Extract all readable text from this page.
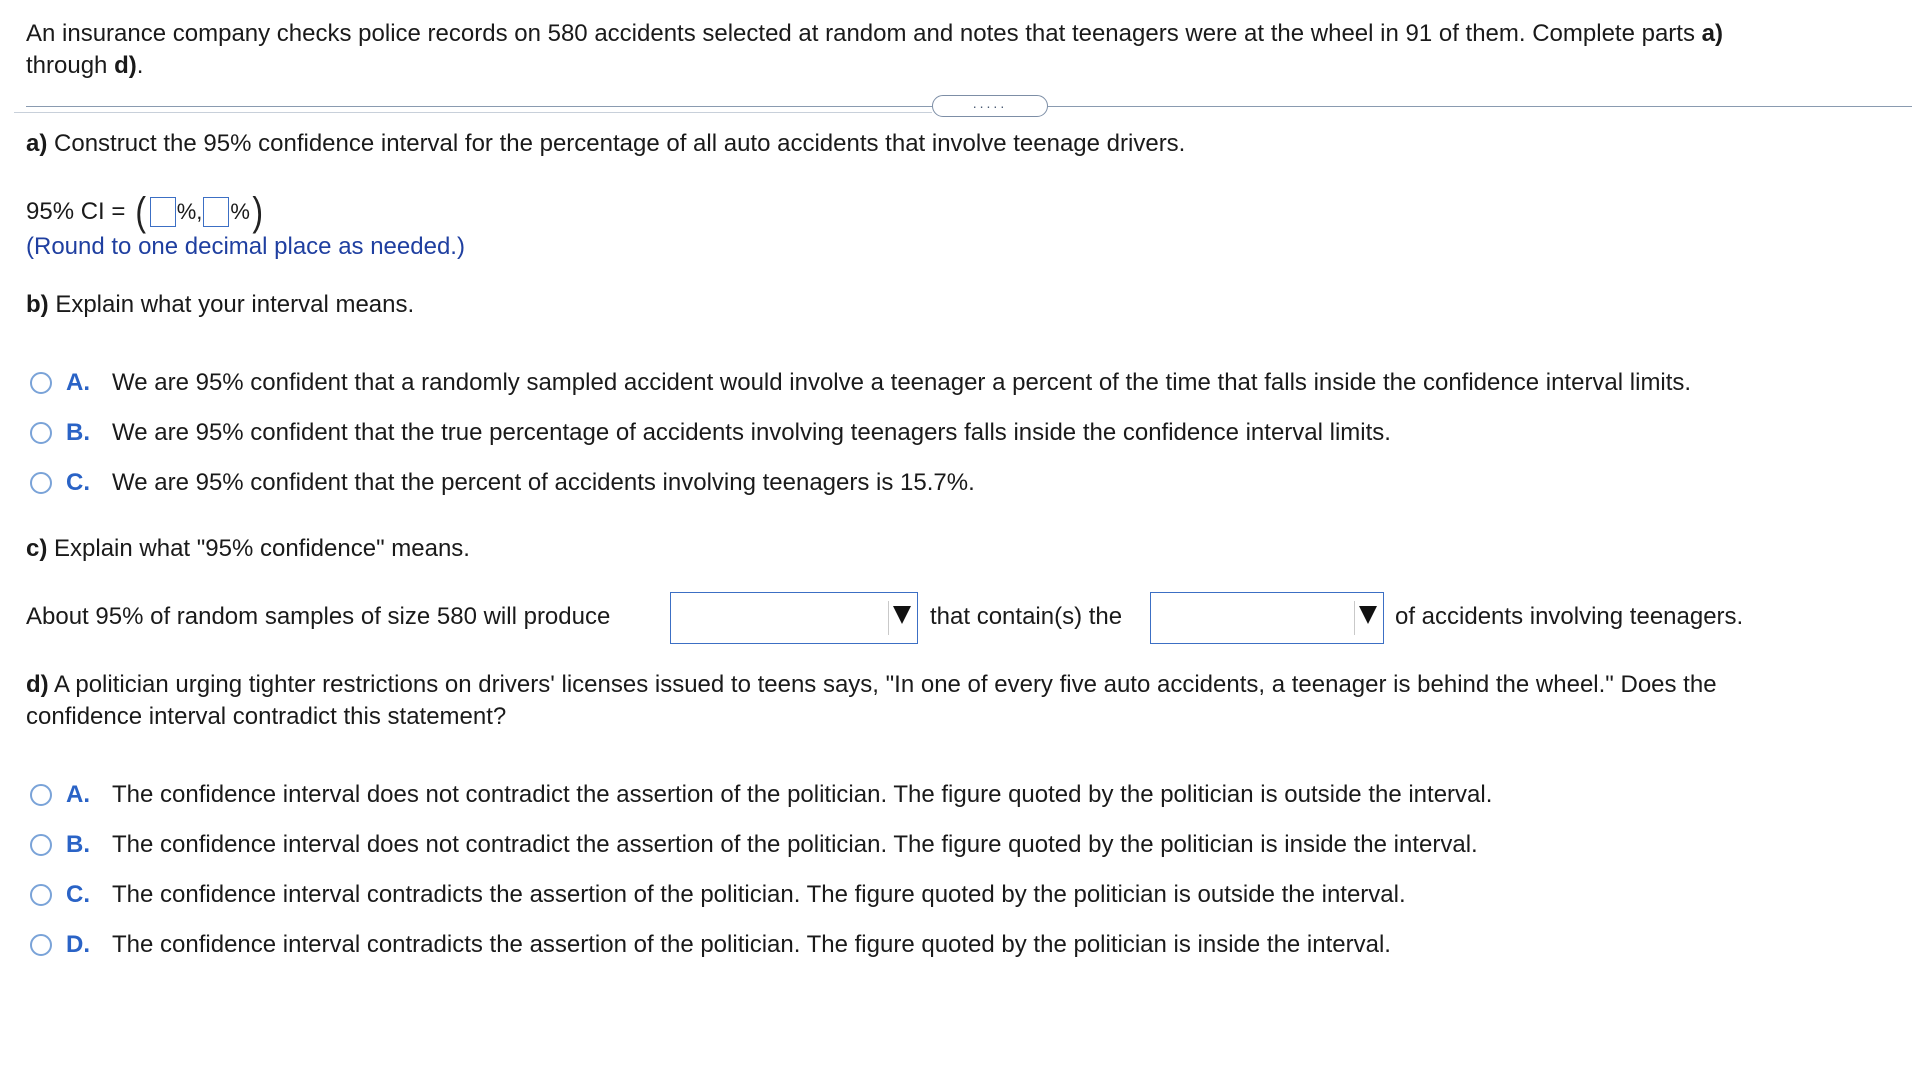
An insurance company checks police records on 580 accidents selected at random and notes that teenagers were at the wheel in 91 of them. Complete parts a)
through d).
.....
a) Construct the 95% confidence interval for the percentage of all auto accidents that involve teenage drivers.
95% CI = ( %, % )
(Round to one decimal place as needed.)
b) Explain what your interval means.
A. We are 95% confident that a randomly sampled accident would involve a teenager a percent of the time that falls inside the confidence interval limits.
B. We are 95% confident that the true percentage of accidents involving teenagers falls inside the confidence interval limits.
C. We are 95% confident that the percent of accidents involving teenagers is 15.7%.
c) Explain what "95% confidence" means.
About 95% of random samples of size 580 will produce	that contain(s) the	of accidents involving teenagers.
d) A politician urging tighter restrictions on drivers' licenses issued to teens says, "In one of every five auto accidents, a teenager is behind the wheel." Does the
confidence interval contradict this statement?
A. The confidence interval does not contradict the assertion of the politician. The figure quoted by the politician is outside the interval.
B. The confidence interval does not contradict the assertion of the politician. The figure quoted by the politician is inside the interval.
C. The confidence interval contradicts the assertion of the politician. The figure quoted by the politician is outside the interval.
D. The confidence interval contradicts the assertion of the politician. The figure quoted by the politician is inside the interval.
